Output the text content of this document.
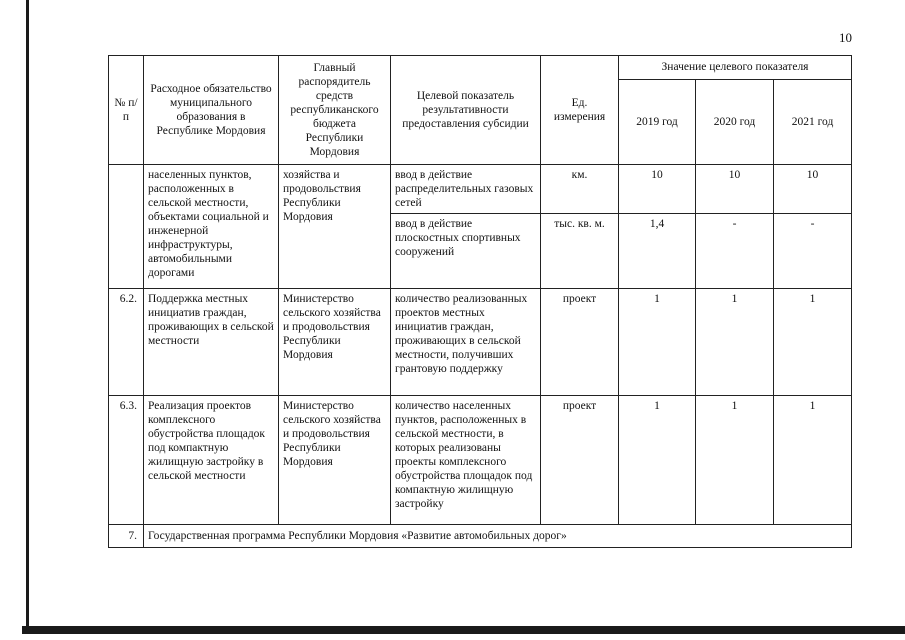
10
№ п/п	Расходное обязательство муниципального образования в Республике Мордовия	Главный распорядитель средств республиканского бюджета Республики Мордовия	Целевой показатель результативности предоставления субсидии	Ед. измерения	Значение целевого показателя		
					2019 год	2020 год	2021 год
	населенных пунктов, расположенных в сельской местности, объектами социальной и инженерной инфраструктуры, автомобильными дорогами	хозяйства и продовольствия Республики Мордовия	ввод в действие распределительных газовых сетей	км.	10	10	10
			ввод в действие плоскостных спортивных сооружений	тыс. кв. м.	1,4	-	-
6.2.	Поддержка местных инициатив граждан, проживающих в сельской местности	Министерство сельского хозяйства и продовольствия Республики Мордовия	количество реализованных проектов местных инициатив граждан, проживающих в сельской местности, получивших грантовую поддержку	проект	1	1	1
6.3.	Реализация проектов комплексного обустройства площадок под компактную жилищную застройку в сельской местности	Министерство сельского хозяйства и продовольствия Республики Мордовия	количество населенных пунктов, расположенных в сельской местности, в которых реализованы проекты комплексного обустройства площадок под компактную жилищную застройку	проект	1	1	1
7.	Государственная программа Республики Мордовия «Развитие автомобильных дорог»						
